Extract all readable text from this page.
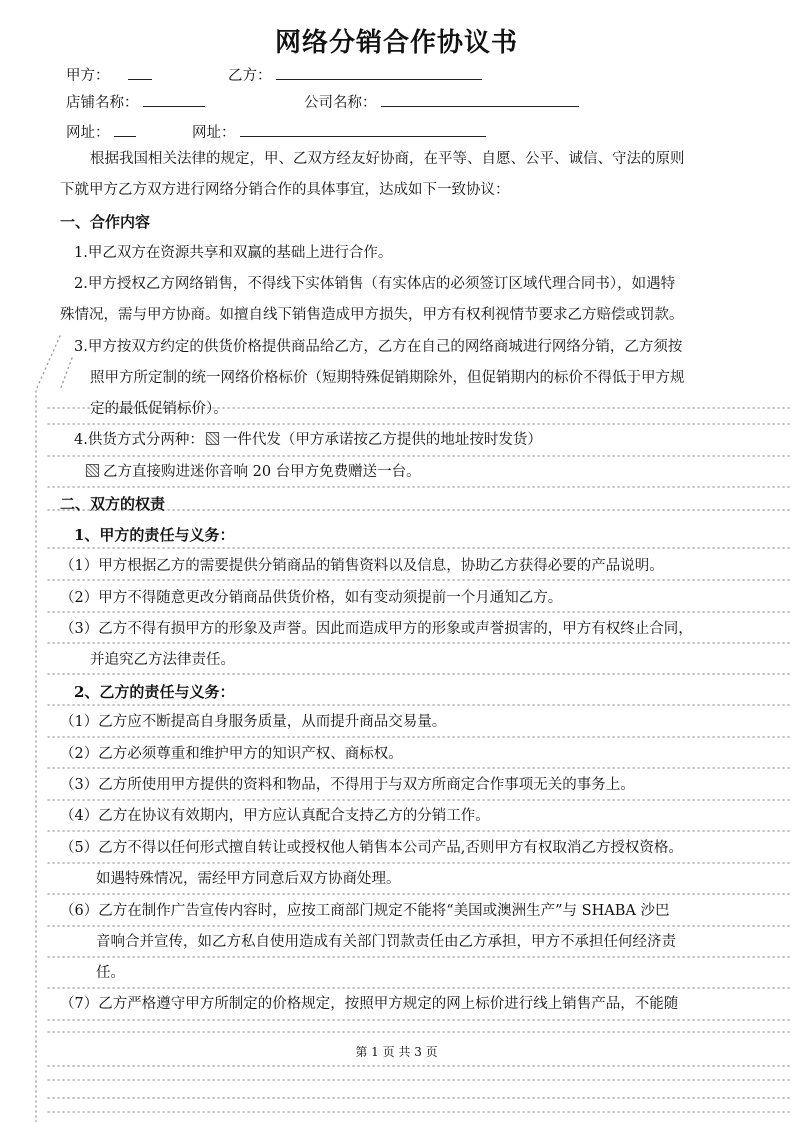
网络分销合作协议书
甲方：	乙方：
店铺名称：	公司名称：
网址：	网址：
根据我国相关法律的规定，甲、乙双方经友好协商，在平等、自愿、公平、诚信、守法的原则
下就甲方乙方双方进行网络分销合作的具体事宜，达成如下一致协议：
一、合作内容
1.甲乙双方在资源共享和双赢的基础上进行合作。
2.甲方授权乙方网络销售，不得线下实体销售（有实体店的必须签订区域代理合同书），如遇特
殊情况，需与甲方协商。如擅自线下销售造成甲方损失，甲方有权利视情节要求乙方赔偿或罚款。
3.甲方按双方约定的供货价格提供商品给乙方，乙方在自己的网络商城进行网络分销，乙方须按
照甲方所定制的统一网络价格标价（短期特殊促销期除外，但促销期内的标价不得低于甲方规
定的最低促销标价）。
4.供货方式分两种： 一件代发（甲方承诺按乙方提供的地址按时发货）
乙方直接购进迷你音响 20 台甲方免费赠送一台。
二、双方的权责
1、甲方的责任与义务：
（1）甲方根据乙方的需要提供分销商品的销售资料以及信息，协助乙方获得必要的产品说明。
（2）甲方不得随意更改分销商品供货价格，如有变动须提前一个月通知乙方。
（3）乙方不得有损甲方的形象及声誉。因此而造成甲方的形象或声誉损害的，甲方有权终止合同，
并追究乙方法律责任。
2、乙方的责任与义务：
（1）乙方应不断提高自身服务质量，从而提升商品交易量。
（2）乙方必须尊重和维护甲方的知识产权、商标权。
（3）乙方所使用甲方提供的资料和物品，不得用于与双方所商定合作事项无关的事务上。
（4）乙方在协议有效期内，甲方应认真配合支持乙方的分销工作。
（5）乙方不得以任何形式擅自转让或授权他人销售本公司产品,否则甲方有权取消乙方授权资格。
如遇特殊情况，需经甲方同意后双方协商处理。
（6）乙方在制作广告宣传内容时，应按工商部门规定不能将“美国或澳洲生产”与 SHABA 沙巴
音响合并宣传，如乙方私自使用造成有关部门罚款责任由乙方承担，甲方不承担任何经济责
任。
（7）乙方严格遵守甲方所制定的价格规定，按照甲方规定的网上标价进行线上销售产品，不能随
第 1 页 共 3 页
